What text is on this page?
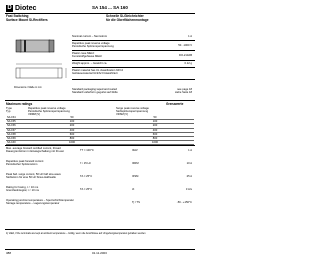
D Diotec	SA 154 ... SA 160
Fast Switching
Surface Mount Si-Rectifiers
Schnelle Si-Gleichrichter
für die Oberflächenmontage
Dimensions / Maße in mm
Nominal current – Nennstrom	1 A
Repetitive peak reverse voltage
Periodische Spitzensperrspannung
50...1000 V
Plastic case MELF
Kunststoffgehäuse MELF
DO-213AB
Weight approx. – Gewicht ca.	0.12 g
Plastic material has UL classification 94V-0
Gehäusematerial UL94V-0 klassifiziert
Standard packaging taped and reeled	see page 18
Standard Lieferform gegurtet auf Rolle	siehe Seite 18
Maximum ratings	Grenzwerte
Type
Typ	Repetitive peak reverse voltage
Periodische Spitzensperrspannung
VRRM [V]	Surge peak reverse voltage
Stoßspitzensperrspannung
VRSM [V]
SA 154	50	50
SA 155	100	100
SA 156	200	200
SA 157	400	400
SA 158	600	600
SA 159	800	800
SA 160	1000	1000
Max. average forward rectified current, R-load
Dauergrenzstrom in Einwegschaltung mit R-Last
TT = 100°C	IFAV	1 A
Repetitive peak forward current
Periodischer Spitzenstrom
f > 15 Hz	IFRM	10 A
Peak fwd. surge current, 50 Hz half sine-wave
Stoßstrom für eine 50 Hz Sinus-Halbwelle
TA = 25°C	IFSM	25 A
Rating for fusing, t < 10 ms
Grenzlastintegral, t < 10 ms
TA = 25°C	i²t	3 A²s
Operating junction temperature – Sperrschichttemperatur
Storage temperature – Lagerungstemperatur
Tj / TS	-50...+150°C
1) Valid, if the terminals are kept at ambient temperature – Gültig, wenn die Anschlüsse auf Umgebungstemperatur gehalten werden
388	01.11.2003
